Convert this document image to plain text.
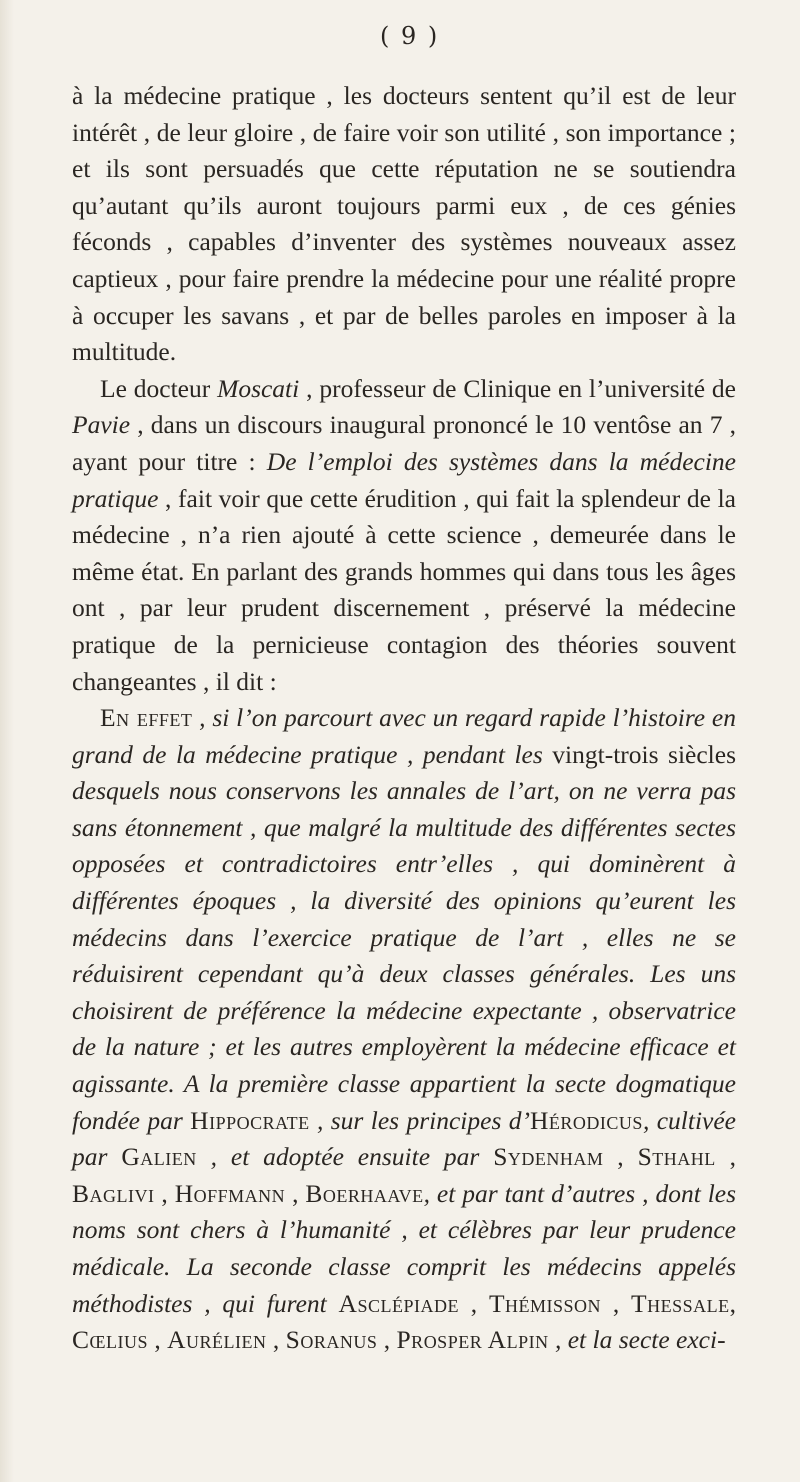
( 9 )

à la médecine pratique , les docteurs sentent qu’il est de leur intérêt , de leur gloire , de faire voir son utilité , son importance ; et ils sont persuadés que cette réputation ne se soutiendra qu’autant qu’ils auront toujours parmi eux , de ces génies féconds , capables d’inventer des systèmes nouveaux assez captieux , pour faire prendre la médecine pour une réalité propre à occuper les savans , et par de belles paroles en imposer à la multitude.

Le docteur Moscati , professeur de Clinique en l’université de Pavie , dans un discours inaugural prononcé le 10 ventôse an 7 , ayant pour titre : De l’emploi des systèmes dans la médecine pratique , fait voir que cette érudition , qui fait la splendeur de la médecine , n’a rien ajouté à cette science , demeurée dans le même état. En parlant des grands hommes qui dans tous les âges ont , par leur prudent discernement , préservé la médecine pratique de la pernicieuse contagion des théories souvent changeantes , il dit :

En effet , si l’on parcourt avec un regard rapide l’histoire en grand de la médecine pratique , pendant les vingt-trois siècles desquels nous conservons les annales de l’art, on ne verra pas sans étonnement , que malgré la multitude des différentes sectes opposées et contradictoires entr’elles , qui dominèrent à différentes époques , la diversité des opinions qu’eurent les médecins dans l’exercice pratique de l’art , elles ne se réduisirent cependant qu’à deux classes générales. Les uns choisirent de préférence la médecine expectante , observatrice de la nature ; et les autres employèrent la médecine efficace et agissante. A la première classe appartient la secte dogmatique fondée par Hippocrate , sur les principes d’Hérodicus, cultivée par Galien , et adoptée ensuite par Sydenham , Sthahl , Baglivi , Hoffmann , Boerhaave, et par tant d’autres , dont les noms sont chers à l’humanité , et célèbres par leur prudence médicale. La seconde classe comprit les médecins appelés méthodistes , qui furent Asclépiade , Thémisson , Thessale, Cœlius , Aurélien , Soranus , Prosper Alpin , et la secte exci-
